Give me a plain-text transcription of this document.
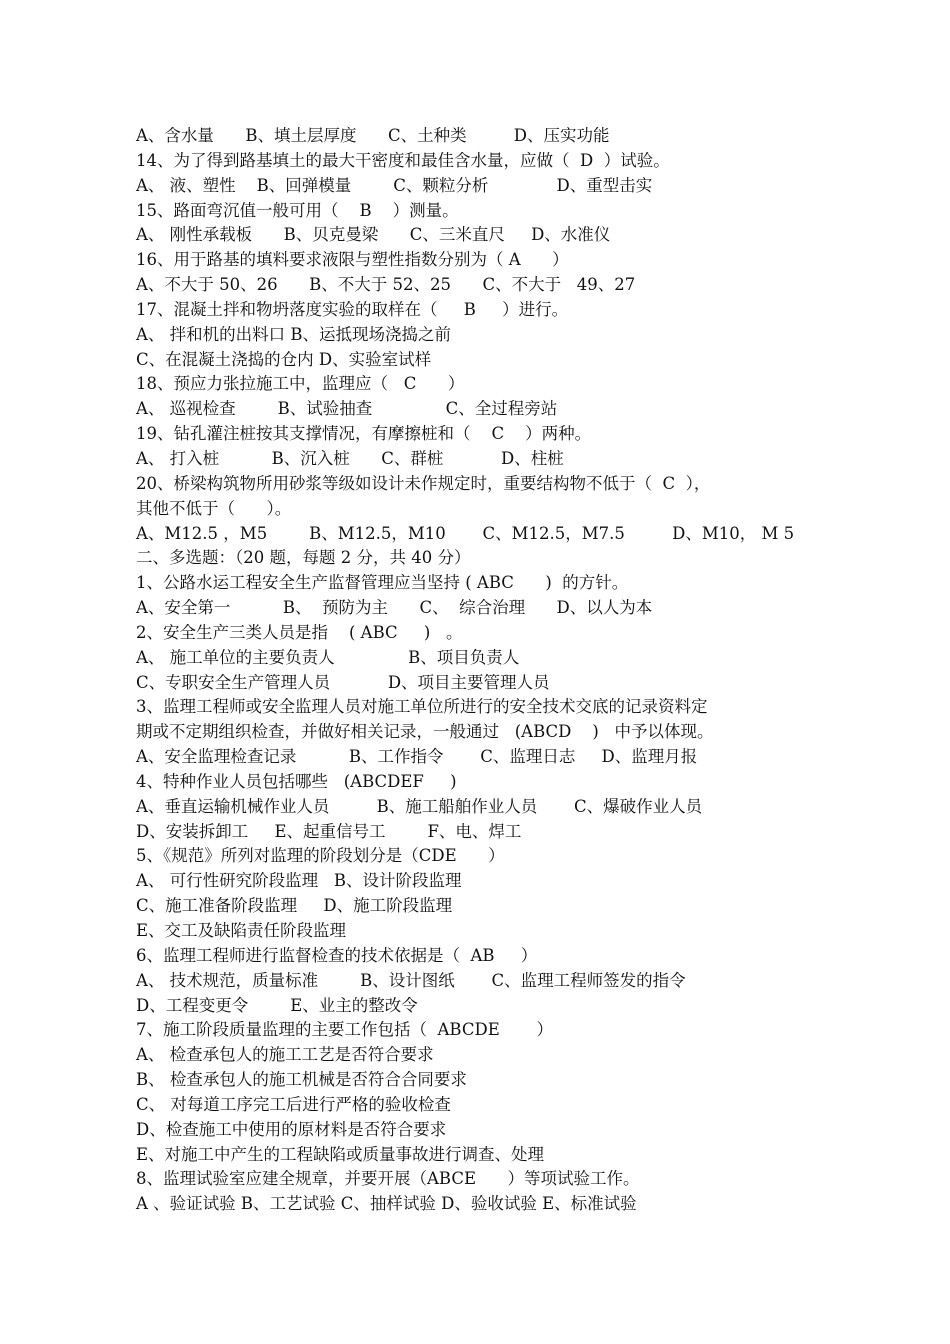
A、含水量      B、填土层厚度      C、土种类         D、压实功能
14、为了得到路基填土的最大干密度和最佳含水量，应做（  D  ）试验。
A、 液、塑性    B、回弹模量        C、颗粒分析             D、重型击实
15、路面弯沉值一般可用（    B    ）测量。
A、 刚性承载板      B、贝克曼梁      C、三米直尺     D、水准仪
16、用于路基的填料要求液限与塑性指数分别为（ A      ）
A、不大于 50、26      B、不大于 52、25      C、不大于   49、27
17、混凝土拌和物坍落度实验的取样在（     B     ）进行。
A、 拌和机的出料口 B、运抵现场浇捣之前
C、在混凝土浇捣的仓内 D、实验室试样
18、预应力张拉施工中，监理应（   C      ）
A、 巡视检查        B、试验抽查              C、全过程旁站
19、钻孔灌注桩按其支撑情况，有摩擦桩和（    C    ）两种。
A、 打入桩          B、沉入桩      C、群桩           D、柱桩
20、桥梁构筑物所用砂浆等级如设计未作规定时，重要结构物不低于（  C  ），
其他不低于（      ）。
A、M12.5 ，M5        B、M12.5，M10       C、M12.5，M7.5         D、M10， M 5
二、多选题：（20 题，每题 2 分，共 40 分）
1、公路水运工程安全生产监督管理应当坚持 ( ABC      )  的方针。
A、安全第一          B、  预防为主      C、  综合治理      D、以人为本
2、安全生产三类人员是指    ( ABC     )   。
A、 施工单位的主要负责人              B、项目负责人
C、专职安全生产管理人员           D、项目主要管理人员
3、监理工程师或安全监理人员对施工单位所进行的安全技术交底的记录资料定
期或不定期组织检查，并做好相关记录，一般通过   (ABCD    )   中予以体现。
A、安全监理检查记录          B、工作指令       C、监理日志     D、监理月报
4、特种作业人员包括哪些   (ABCDEF     )
A、垂直运输机械作业人员         B、施工船舶作业人员       C、爆破作业人员
D、安装拆卸工     E、起重信号工        F、电、焊工
5、《规范》所列对监理的阶段划分是（CDE      ）
A、 可行性研究阶段监理   B、设计阶段监理
C、施工准备阶段监理     D、施工阶段监理
E、交工及缺陷责任阶段监理
6、监理工程师进行监督检查的技术依据是（  AB     ）
A、 技术规范，质量标准        B、设计图纸       C、监理工程师签发的指令
D、工程变更令        E、业主的整改令
7、施工阶段质量监理的主要工作包括（  ABCDE       ）
A、 检查承包人的施工工艺是否符合要求
B、 检查承包人的施工机械是否符合合同要求
C、 对每道工序完工后进行严格的验收检查
D、检查施工中使用的原材料是否符合要求
E、对施工中产生的工程缺陷或质量事故进行调查、处理
8、监理试验室应建全规章，并要开展（ABCE      ）等项试验工作。
A 、验证试验 B、工艺试验 C、抽样试验 D、验收试验 E、标准试验
